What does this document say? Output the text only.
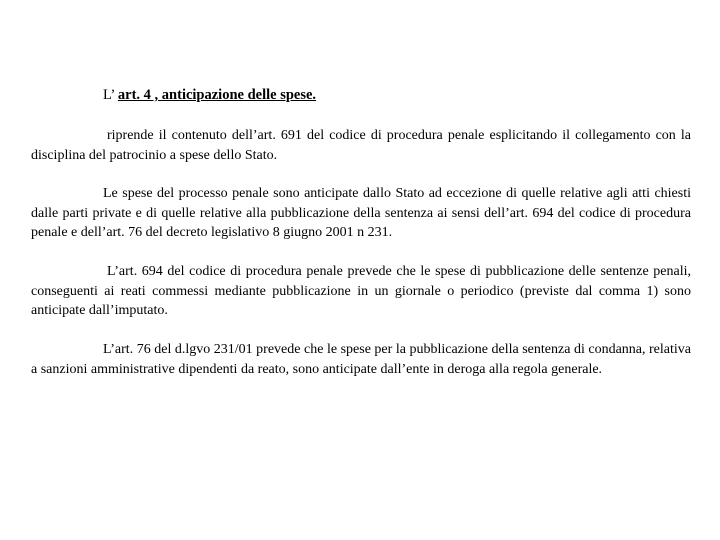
L’ art. 4 , anticipazione delle spese.

riprende il contenuto dell’art. 691 del codice di procedura penale esplicitando il collegamento con la disciplina del patrocinio a spese dello Stato.

Le spese del processo penale sono anticipate dallo Stato ad eccezione di quelle relative agli atti chiesti dalle parti private e di quelle relative alla pubblicazione della sentenza ai sensi dell’art. 694 del codice di procedura penale e dell’art. 76 del decreto legislativo 8 giugno 2001 n 231.

L’art. 694 del codice di procedura penale prevede che le spese di pubblicazione delle sentenze penali, conseguenti ai reati commessi mediante pubblicazione in un giornale o periodico (previste dal comma 1) sono anticipate dall’imputato.

L’art. 76 del d.lgvo 231/01 prevede che le spese per la pubblicazione della sentenza di condanna, relativa a sanzioni amministrative dipendenti da reato, sono anticipate dall’ente in deroga alla regola generale.
